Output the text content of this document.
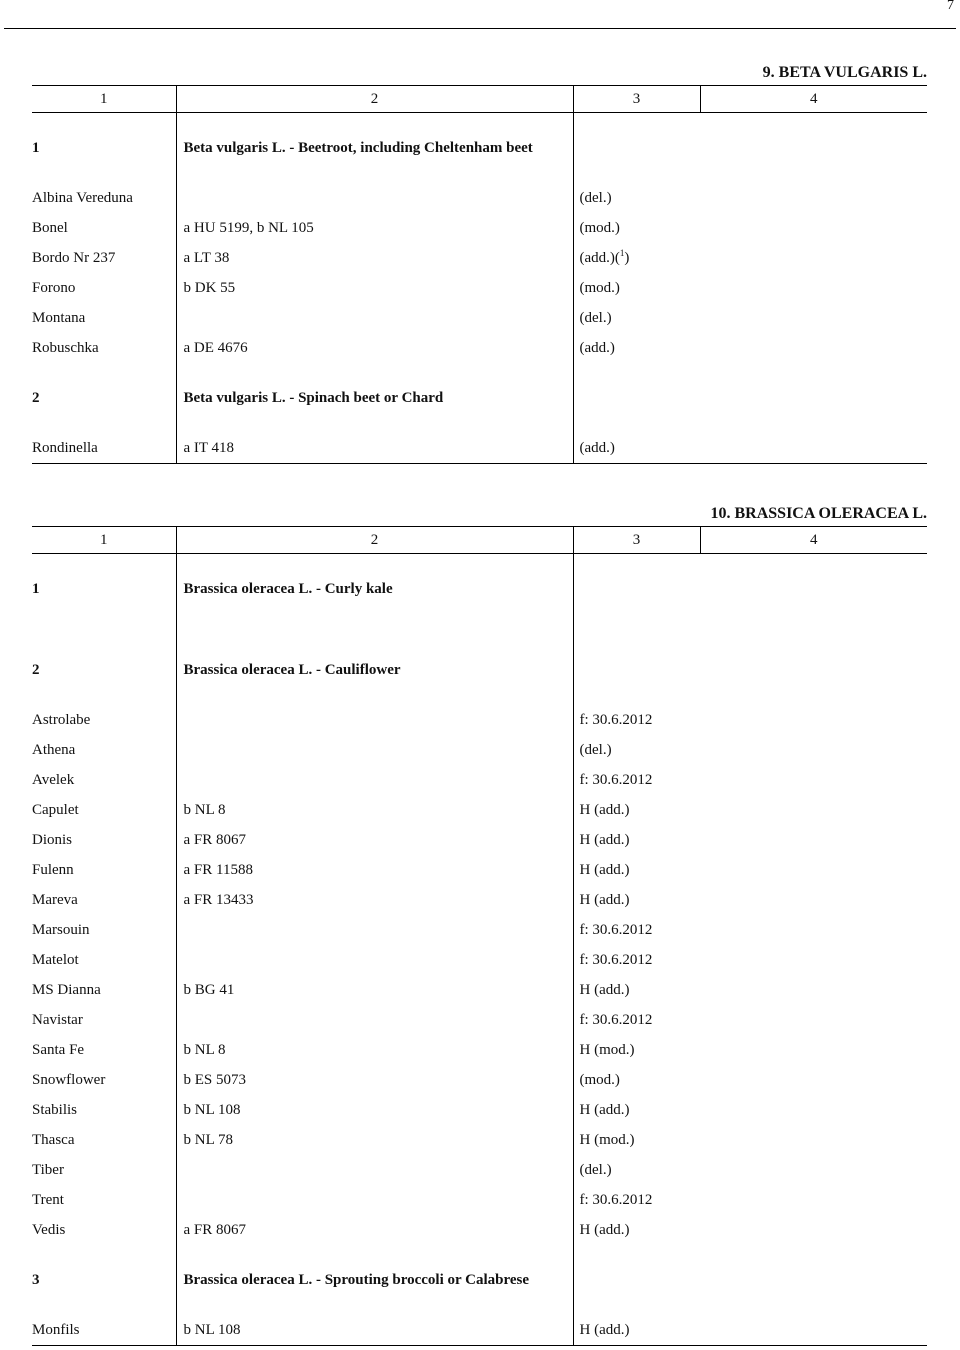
7
9. BETA VULGARIS L.
1	2	3	4

1	Beta vulgaris L. - Beetroot, including Cheltenham beet		

Albina Vereduna		(del.)	
Bonel	a HU 5199, b NL 105	(mod.)	
Bordo Nr 237	a LT 38	(add.)($^1$)	
Forono	b DK 55	(mod.)	
Montana		(del.)	
Robuschka	a DE 4676	(add.)	

2	Beta vulgaris L. - Spinach beet or Chard		

Rondinella	a IT 418	(add.)	
10. BRASSICA OLERACEA L.
1	2	3	4

1	Brassica oleracea L. - Curly kale		

2	Brassica oleracea L. - Cauliflower		

Astrolabe		f: 30.6.2012	
Athena		(del.)	
Avelek		f: 30.6.2012	
Capulet	b NL 8	H (add.)	
Dionis	a FR 8067	H (add.)	
Fulenn	a FR 11588	H (add.)	
Mareva	a FR 13433	H (add.)	
Marsouin		f: 30.6.2012	
Matelot		f: 30.6.2012	
MS Dianna	b BG 41	H (add.)	
Navistar		f: 30.6.2012	
Santa Fe	b NL 8	H (mod.)	
Snowflower	b ES 5073	(mod.)	
Stabilis	b NL 108	H (add.)	
Thasca	b NL 78	H (mod.)	
Tiber		(del.)	
Trent		f: 30.6.2012	
Vedis	a FR 8067	H (add.)	

3	Brassica oleracea L. - Sprouting broccoli or Calabrese		

Monfils	b NL 108	H (add.)	
